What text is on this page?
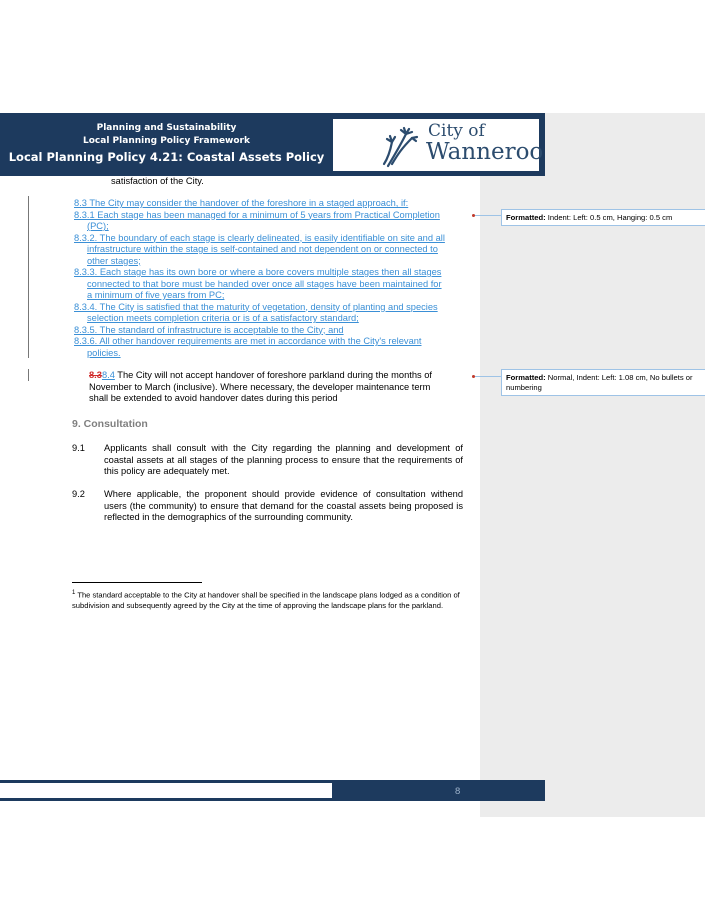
Planning and Sustainability
Local Planning Policy Framework
Local Planning Policy 4.21: Coastal Assets Policy
City of
Wanneroo
satisfaction of the City.
8.3 The City may consider the handover of the foreshore in a staged approach, if:
8.3.1 Each stage has been managed for a minimum of 5 years from Practical Completion
(PC);
8.3.2. The boundary of each stage is clearly delineated, is easily identifiable on site and all
infrastructure within the stage is self-contained and not dependent on or connected to
other stages;
8.3.3. Each stage has its own bore or where a bore covers multiple stages then all stages
connected to that bore must be handed over once all stages have been maintained for
a minimum of five years from PC;
8.3.4. The City is satisfied that the maturity of vegetation, density of planting and species
selection meets completion criteria or is of a satisfactory standard;
8.3.5. The standard of infrastructure is acceptable to the City; and
8.3.6. All other handover requirements are met in accordance with the City's relevant
policies.
8.38.4 The City will not accept handover of foreshore parkland during the months of
November to March (inclusive). Where necessary, the developer maintenance term
shall be extended to avoid handover dates during this period
9. Consultation
9.1 Applicants shall consult with the City regarding the planning and development of coastal assets at all stages of the planning process to ensure that the requirements of this policy are adequately met.
9.2 Where applicable, the proponent should provide evidence of consultation withend users (the community) to ensure that demand for the coastal assets being proposed is reflected in the demographics of the surrounding community.
$^1$ The standard acceptable to the City at handover shall be specified in the landscape plans lodged as a condition of subdivision and subsequently agreed by the City at the time of approving the landscape plans for the parkland.
Formatted: Indent: Left: 0.5 cm, Hanging: 0.5 cm
Formatted: Normal, Indent: Left: 1.08 cm, No bullets or numbering
8
